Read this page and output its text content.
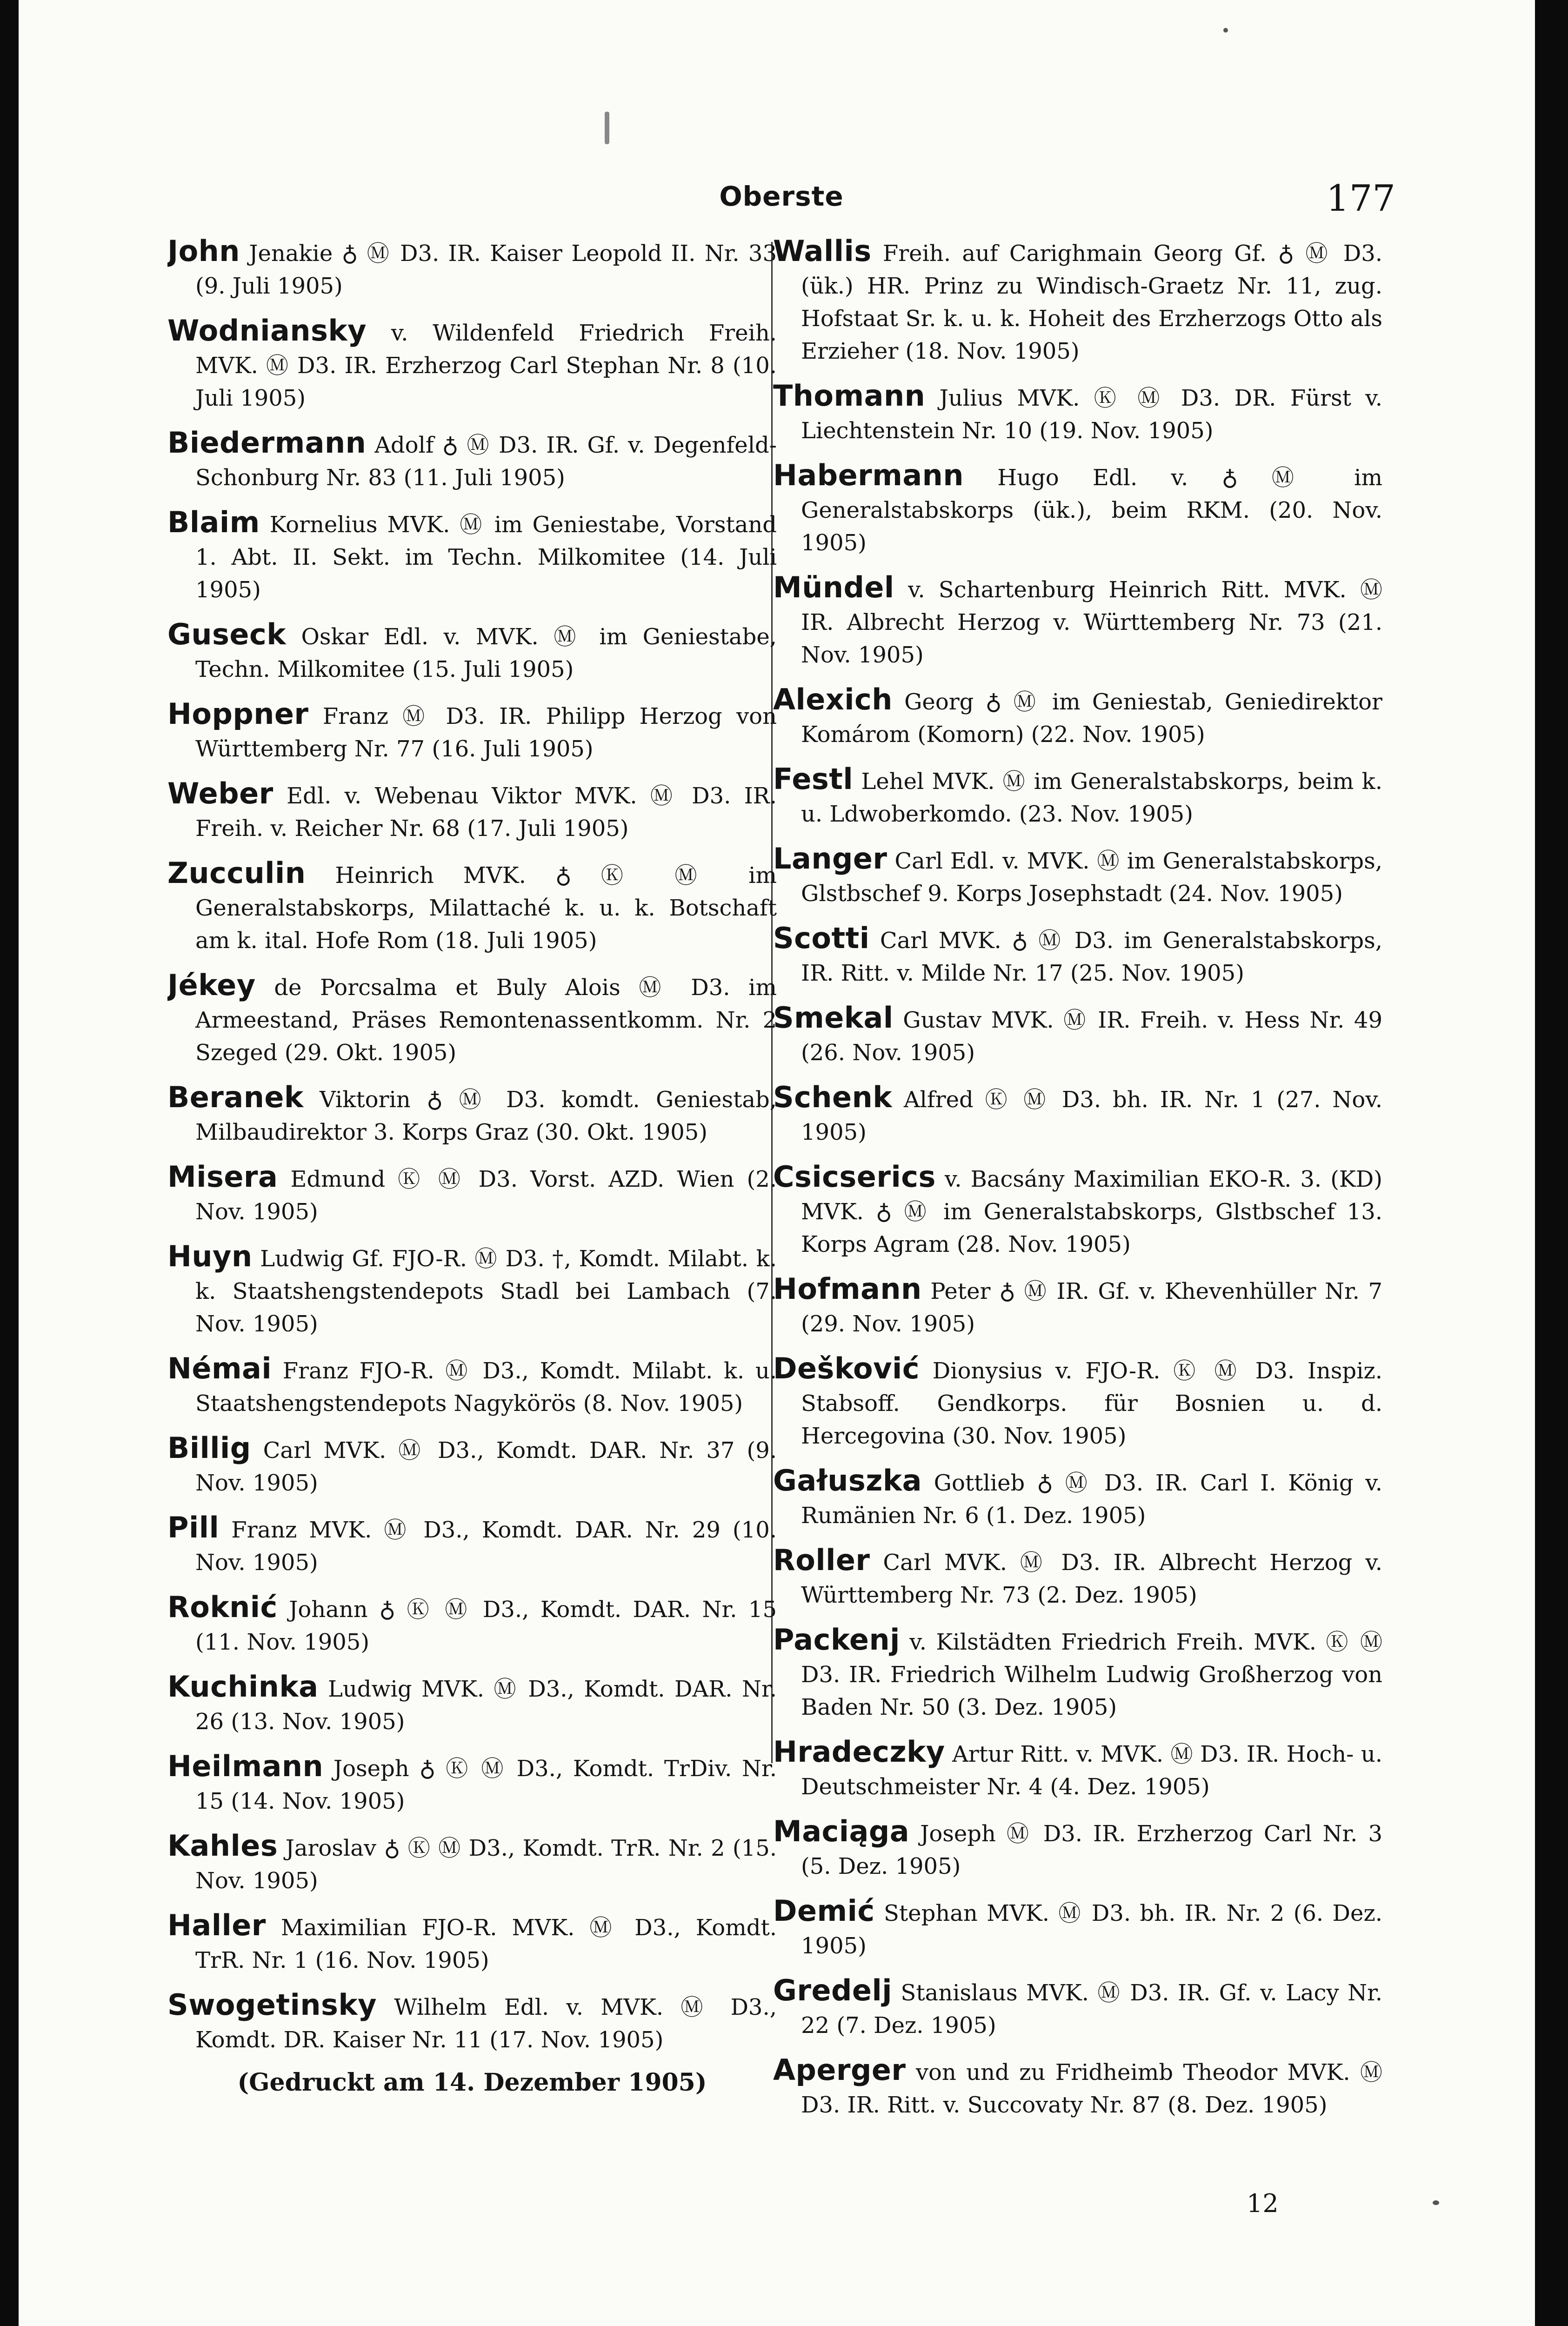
Oberste	177
John Jenakie ♁ Ⓜ D3. IR. Kaiser Leopold II. Nr. 33 (9. Juli 1905)
Wodniansky v. Wildenfeld Friedrich Freih. MVK. Ⓜ D3. IR. Erzherzog Carl Stephan Nr. 8 (10. Juli 1905)
Biedermann Adolf ♁ Ⓜ D3. IR. Gf. v. Degenfeld-Schonburg Nr. 83 (11. Juli 1905)
Blaim Kornelius MVK. Ⓜ im Geniestabe, Vorstand 1. Abt. II. Sekt. im Techn. Milkomitee (14. Juli 1905)
Guseck Oskar Edl. v. MVK. Ⓜ im Geniestabe, Techn. Milkomitee (15. Juli 1905)
Hoppner Franz Ⓜ D3. IR. Philipp Herzog von Württemberg Nr. 77 (16. Juli 1905)
Weber Edl. v. Webenau Viktor MVK. Ⓜ D3. IR. Freih. v. Reicher Nr. 68 (17. Juli 1905)
Zucculin Heinrich MVK. ♁ Ⓚ Ⓜ im Generalstabskorps, Milattaché k. u. k. Botschaft am k. ital. Hofe Rom (18. Juli 1905)
Jékey de Porcsalma et Buly Alois Ⓜ D3. im Armeestand, Präses Remontenassentkomm. Nr. 2 Szeged (29. Okt. 1905)
Beranek Viktorin ♁ Ⓜ D3. komdt. Geniestab, Milbaudirektor 3. Korps Graz (30. Okt. 1905)
Misera Edmund Ⓚ Ⓜ D3. Vorst. AZD. Wien (2. Nov. 1905)
Huyn Ludwig Gf. FJO-R. Ⓜ D3. †, Komdt. Milabt. k. k. Staatshengstendepots Stadl bei Lambach (7. Nov. 1905)
Némai Franz FJO-R. Ⓜ D3., Komdt. Milabt. k. u. Staatshengstendepots Nagykörös (8. Nov. 1905)
Billig Carl MVK. Ⓜ D3., Komdt. DAR. Nr. 37 (9. Nov. 1905)
Pill Franz MVK. Ⓜ D3., Komdt. DAR. Nr. 29 (10. Nov. 1905)
Roknić Johann ♁ Ⓚ Ⓜ D3., Komdt. DAR. Nr. 15 (11. Nov. 1905)
Kuchinka Ludwig MVK. Ⓜ D3., Komdt. DAR. Nr. 26 (13. Nov. 1905)
Heilmann Joseph ♁ Ⓚ Ⓜ D3., Komdt. TrDiv. Nr. 15 (14. Nov. 1905)
Kahles Jaroslav ♁ Ⓚ Ⓜ D3., Komdt. TrR. Nr. 2 (15. Nov. 1905)
Haller Maximilian FJO-R. MVK. Ⓜ D3., Komdt. TrR. Nr. 1 (16. Nov. 1905)
Swogetinsky Wilhelm Edl. v. MVK. Ⓜ D3., Komdt. DR. Kaiser Nr. 11 (17. Nov. 1905)
(Gedruckt am 14. Dezember 1905)
Wallis Freih. auf Carighmain Georg Gf. ♁ Ⓜ D3. (ük.) HR. Prinz zu Windisch-Graetz Nr. 11, zug. Hofstaat Sr. k. u. k. Hoheit des Erzherzogs Otto als Erzieher (18. Nov. 1905)
Thomann Julius MVK. Ⓚ Ⓜ D3. DR. Fürst v. Liechtenstein Nr. 10 (19. Nov. 1905)
Habermann Hugo Edl. v. ♁ Ⓜ im Generalstabskorps (ük.), beim RKM. (20. Nov. 1905)
Mündel v. Schartenburg Heinrich Ritt. MVK. Ⓜ IR. Albrecht Herzog v. Württemberg Nr. 73 (21. Nov. 1905)
Alexich Georg ♁ Ⓜ im Geniestab, Geniedirektor Komárom (Komorn) (22. Nov. 1905)
Festl Lehel MVK. Ⓜ im Generalstabskorps, beim k. u. Ldwoberkomdo. (23. Nov. 1905)
Langer Carl Edl. v. MVK. Ⓜ im Generalstabskorps, Glstbschef 9. Korps Josephstadt (24. Nov. 1905)
Scotti Carl MVK. ♁ Ⓜ D3. im Generalstabskorps, IR. Ritt. v. Milde Nr. 17 (25. Nov. 1905)
Smekal Gustav MVK. Ⓜ IR. Freih. v. Hess Nr. 49 (26. Nov. 1905)
Schenk Alfred Ⓚ Ⓜ D3. bh. IR. Nr. 1 (27. Nov. 1905)
Csicserics v. Bacsány Maximilian EKO-R. 3. (KD) MVK. ♁ Ⓜ im Generalstabskorps, Glstbschef 13. Korps Agram (28. Nov. 1905)
Hofmann Peter ♁ Ⓜ IR. Gf. v. Khevenhüller Nr. 7 (29. Nov. 1905)
Dešković Dionysius v. FJO-R. Ⓚ Ⓜ D3. Inspiz. Stabsoff. Gendkorps. für Bosnien u. d. Hercegovina (30. Nov. 1905)
Gałuszka Gottlieb ♁ Ⓜ D3. IR. Carl I. König v. Rumänien Nr. 6 (1. Dez. 1905)
Roller Carl MVK. Ⓜ D3. IR. Albrecht Herzog v. Württemberg Nr. 73 (2. Dez. 1905)
Packenj v. Kilstädten Friedrich Freih. MVK. Ⓚ Ⓜ D3. IR. Friedrich Wilhelm Ludwig Großherzog von Baden Nr. 50 (3. Dez. 1905)
Hradeczky Artur Ritt. v. MVK. Ⓜ D3. IR. Hoch- u. Deutschmeister Nr. 4 (4. Dez. 1905)
Maciąga Joseph Ⓜ D3. IR. Erzherzog Carl Nr. 3 (5. Dez. 1905)
Demić Stephan MVK. Ⓜ D3. bh. IR. Nr. 2 (6. Dez. 1905)
Gredelj Stanislaus MVK. Ⓜ D3. IR. Gf. v. Lacy Nr. 22 (7. Dez. 1905)
Aperger von und zu Fridheimb Theodor MVK. Ⓜ D3. IR. Ritt. v. Succovaty Nr. 87 (8. Dez. 1905)
12
